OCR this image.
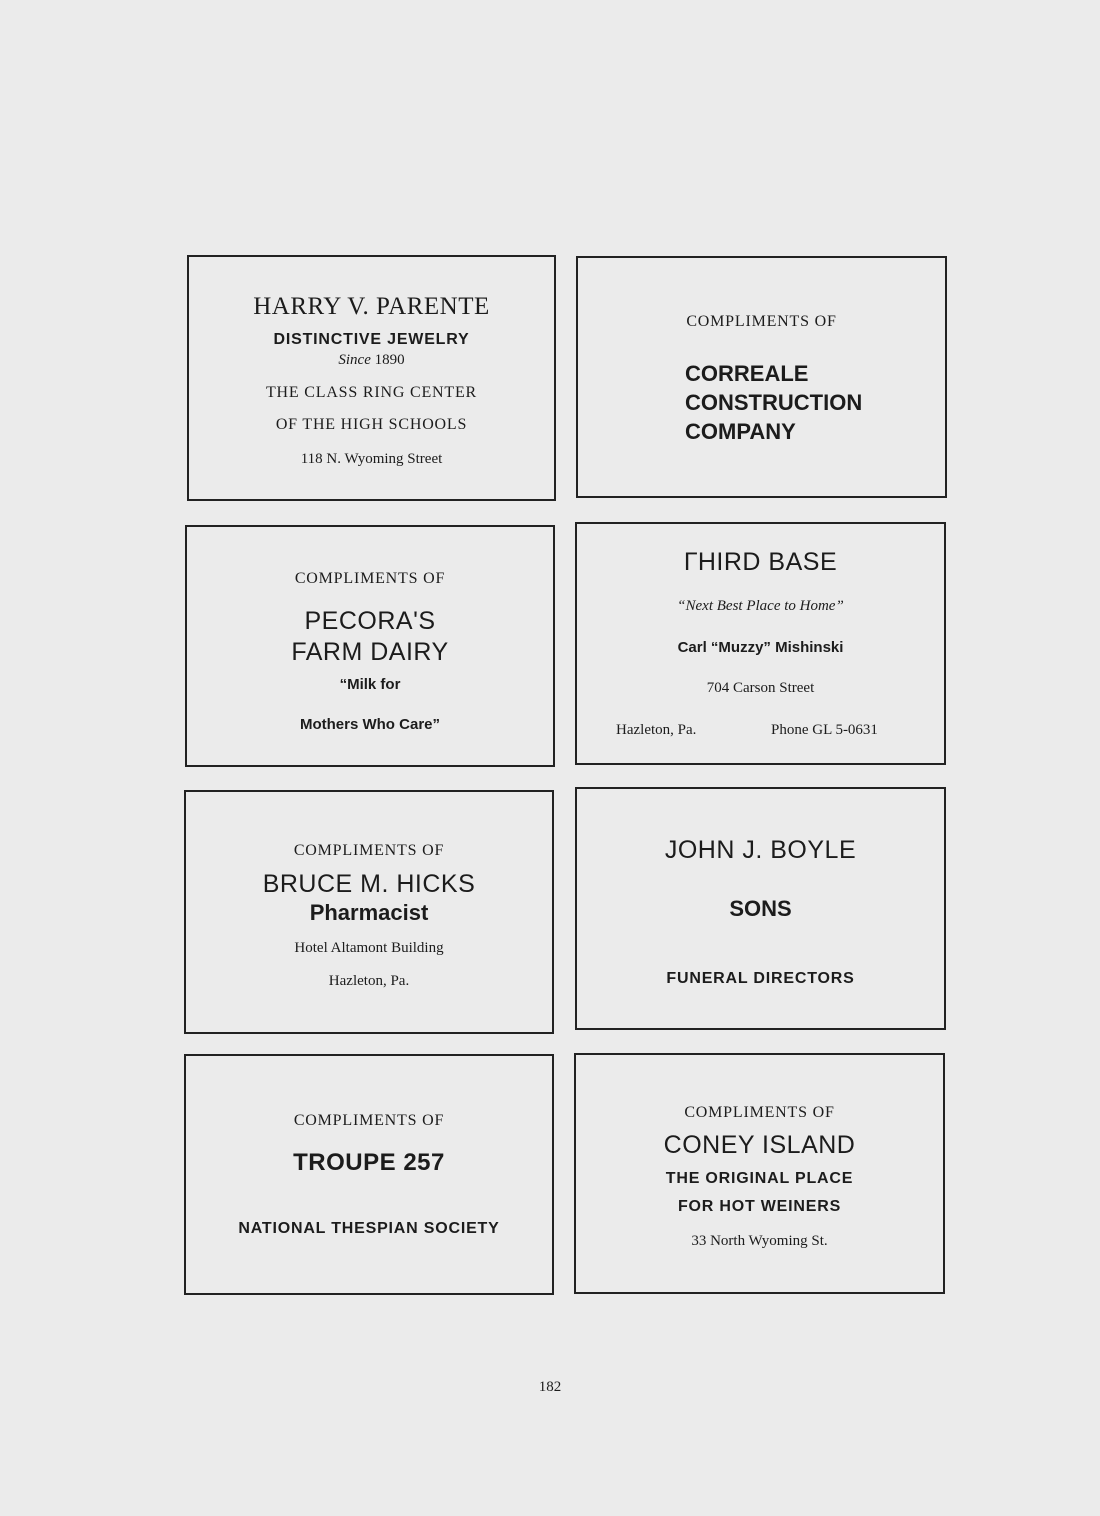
HARRY V. PARENTE
DISTINCTIVE JEWELRY
Since 1890
THE CLASS RING CENTER
OF THE HIGH SCHOOLS
118 N. Wyoming Street
COMPLIMENTS OF
CORREALE
CONSTRUCTION
COMPANY
COMPLIMENTS OF
PECORA'S
FARM DAIRY
“Milk for
Mothers Who Care”
ГHIRD BASE
“Next Best Place to Home”
Carl “Muzzy” Mishinski
704 Carson Street
Hazleton, Pa.	Phone GL 5-0631
COMPLIMENTS OF
BRUCE M. HICKS
Pharmacist
Hotel Altamont Building
Hazleton, Pa.
JOHN J. BOYLE
SONS
FUNERAL DIRECTORS
COMPLIMENTS OF
TROUPE 257
NATIONAL THESPIAN SOCIETY
COMPLIMENTS OF
CONEY ISLAND
THE ORIGINAL PLACE
FOR HOT WEINERS
33 North Wyoming St.
182
